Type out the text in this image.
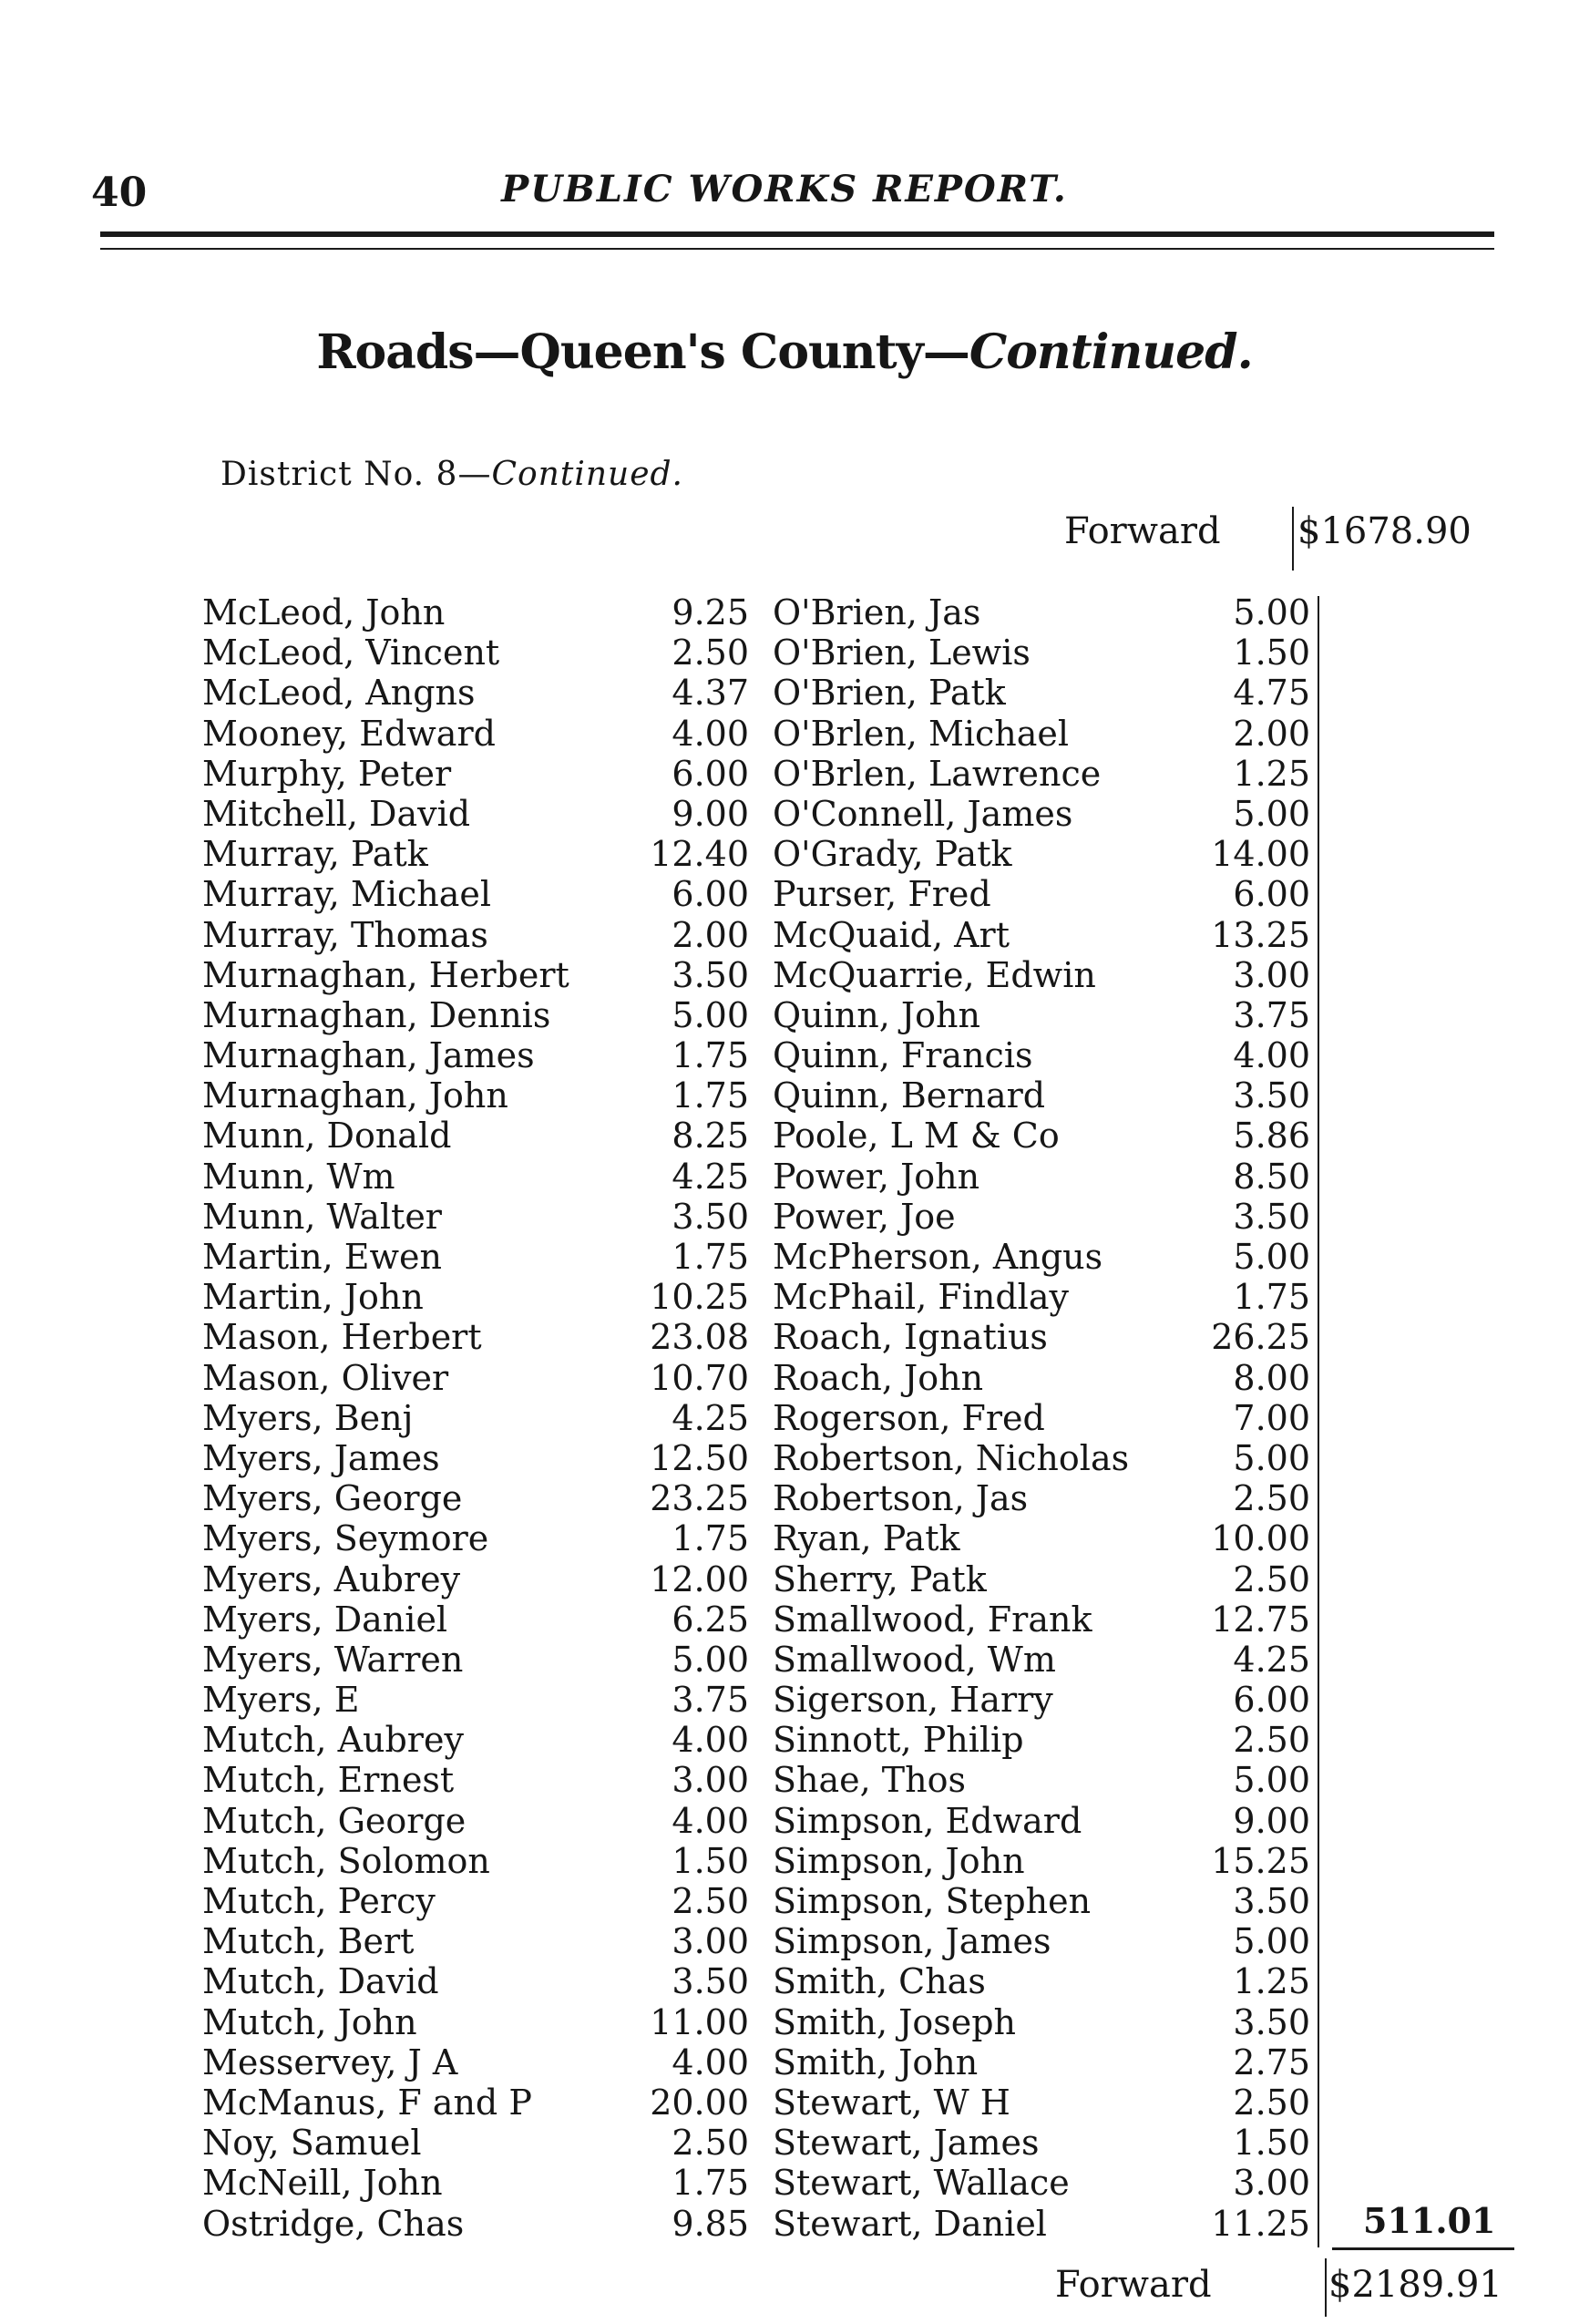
40	PUBLIC WORKS REPORT.
Roads—Queen's County—Continued.
District No. 8—Continued.
Forward $1678.90
McLeod, John
McLeod, Vincent
McLeod, Angns
Mooney, Edward
Murphy, Peter
Mitchell, David
Murray, Patk
Murray, Michael
Murray, Thomas
Murnaghan, Herbert
Murnaghan, Dennis
Murnaghan, James
Murnaghan, John
Munn, Donald
Munn, Wm
Munn, Walter
Martin, Ewen
Martin, John
Mason, Herbert
Mason, Oliver
Myers, Benj
Myers, James
Myers, George
Myers, Seymore
Myers, Aubrey
Myers, Daniel
Myers, Warren
Myers, E
Mutch, Aubrey
Mutch, Ernest
Mutch, George
Mutch, Solomon
Mutch, Percy
Mutch, Bert
Mutch, David
Mutch, John
Messervey, J A
McManus, F and P
Noy, Samuel
McNeill, John
Ostridge, Chas
9.25
2.50
4.37
4.00
6.00
9.00
12.40
6.00
2.00
3.50
5.00
1.75
1.75
8.25
4.25
3.50
1.75
10.25
23.08
10.70
4.25
12.50
23.25
1.75
12.00
6.25
5.00
3.75
4.00
3.00
4.00
1.50
2.50
3.00
3.50
11.00
4.00
20.00
2.50
1.75
9.85
O'Brien, Jas
O'Brien, Lewis
O'Brien, Patk
O'Brlen, Michael
O'Brlen, Lawrence
O'Connell, James
O'Grady, Patk
Purser, Fred
McQuaid, Art
McQuarrie, Edwin
Quinn, John
Quinn, Francis
Quinn, Bernard
Poole, L M & Co
Power, John
Power, Joe
McPherson, Angus
McPhail, Findlay
Roach, Ignatius
Roach, John
Rogerson, Fred
Robertson, Nicholas
Robertson, Jas
Ryan, Patk
Sherry, Patk
Smallwood, Frank
Smallwood, Wm
Sigerson, Harry
Sinnott, Philip
Shae, Thos
Simpson, Edward
Simpson, John
Simpson, Stephen
Simpson, James
Smith, Chas
Smith, Joseph
Smith, John
Stewart, W H
Stewart, James
Stewart, Wallace
Stewart, Daniel
5.00
1.50
4.75
2.00
1.25
5.00
14.00
6.00
13.25
3.00
3.75
4.00
3.50
5.86
8.50
3.50
5.00
1.75
26.25
8.00
7.00
5.00
2.50
10.00
2.50
12.75
4.25
6.00
2.50
5.00
9.00
15.25
3.50
5.00
1.25
3.50
2.75
2.50
1.50
3.00
11.25 511.01
Forward	$2189.91
